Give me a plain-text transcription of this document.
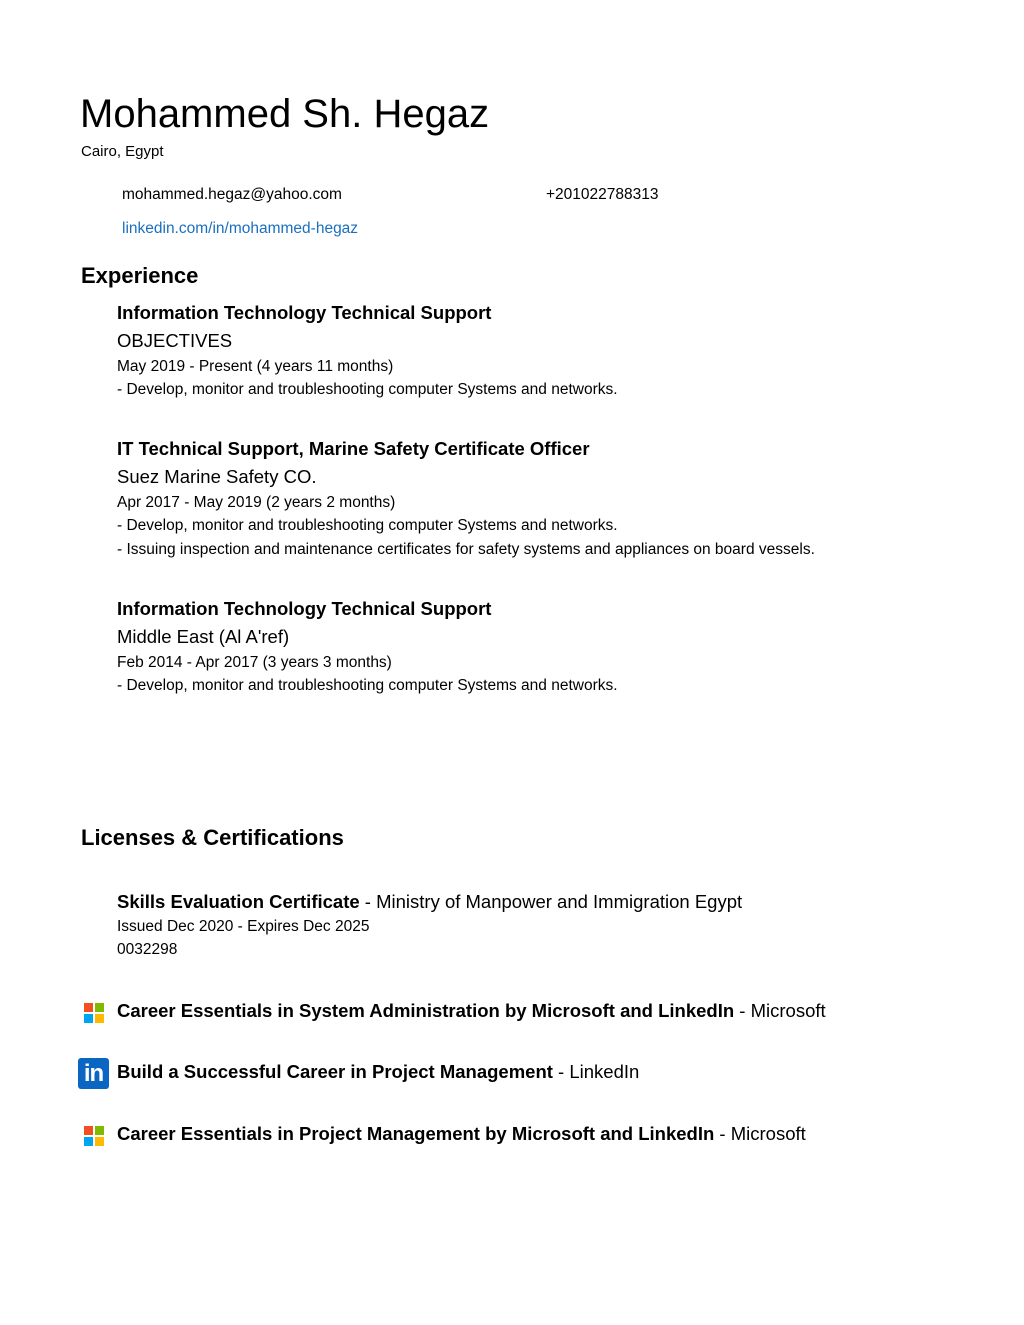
Mohammed Sh. Hegaz
Cairo, Egypt
mohammed.hegaz@yahoo.com	+201022788313
linkedin.com/in/mohammed-hegaz
Experience
Information Technology Technical Support
OBJECTIVES
May 2019 - Present (4 years 11 months)
- Develop, monitor and troubleshooting computer Systems and networks.
IT Technical Support, Marine Safety Certificate Officer
Suez Marine Safety CO.
Apr 2017 - May 2019 (2 years 2 months)
- Develop, monitor and troubleshooting computer Systems and networks.
- Issuing inspection and maintenance certificates for safety systems and appliances on board vessels.
Information Technology Technical Support
Middle East (Al A'ref)
Feb 2014 - Apr 2017 (3 years 3 months)
- Develop, monitor and troubleshooting computer Systems and networks.
Licenses & Certifications
Skills Evaluation Certificate - Ministry of Manpower and Immigration Egypt
Issued Dec 2020 - Expires Dec 2025
0032298
Career Essentials in System Administration by Microsoft and LinkedIn - Microsoft
in Build a Successful Career in Project Management - LinkedIn
Career Essentials in Project Management by Microsoft and LinkedIn - Microsoft
